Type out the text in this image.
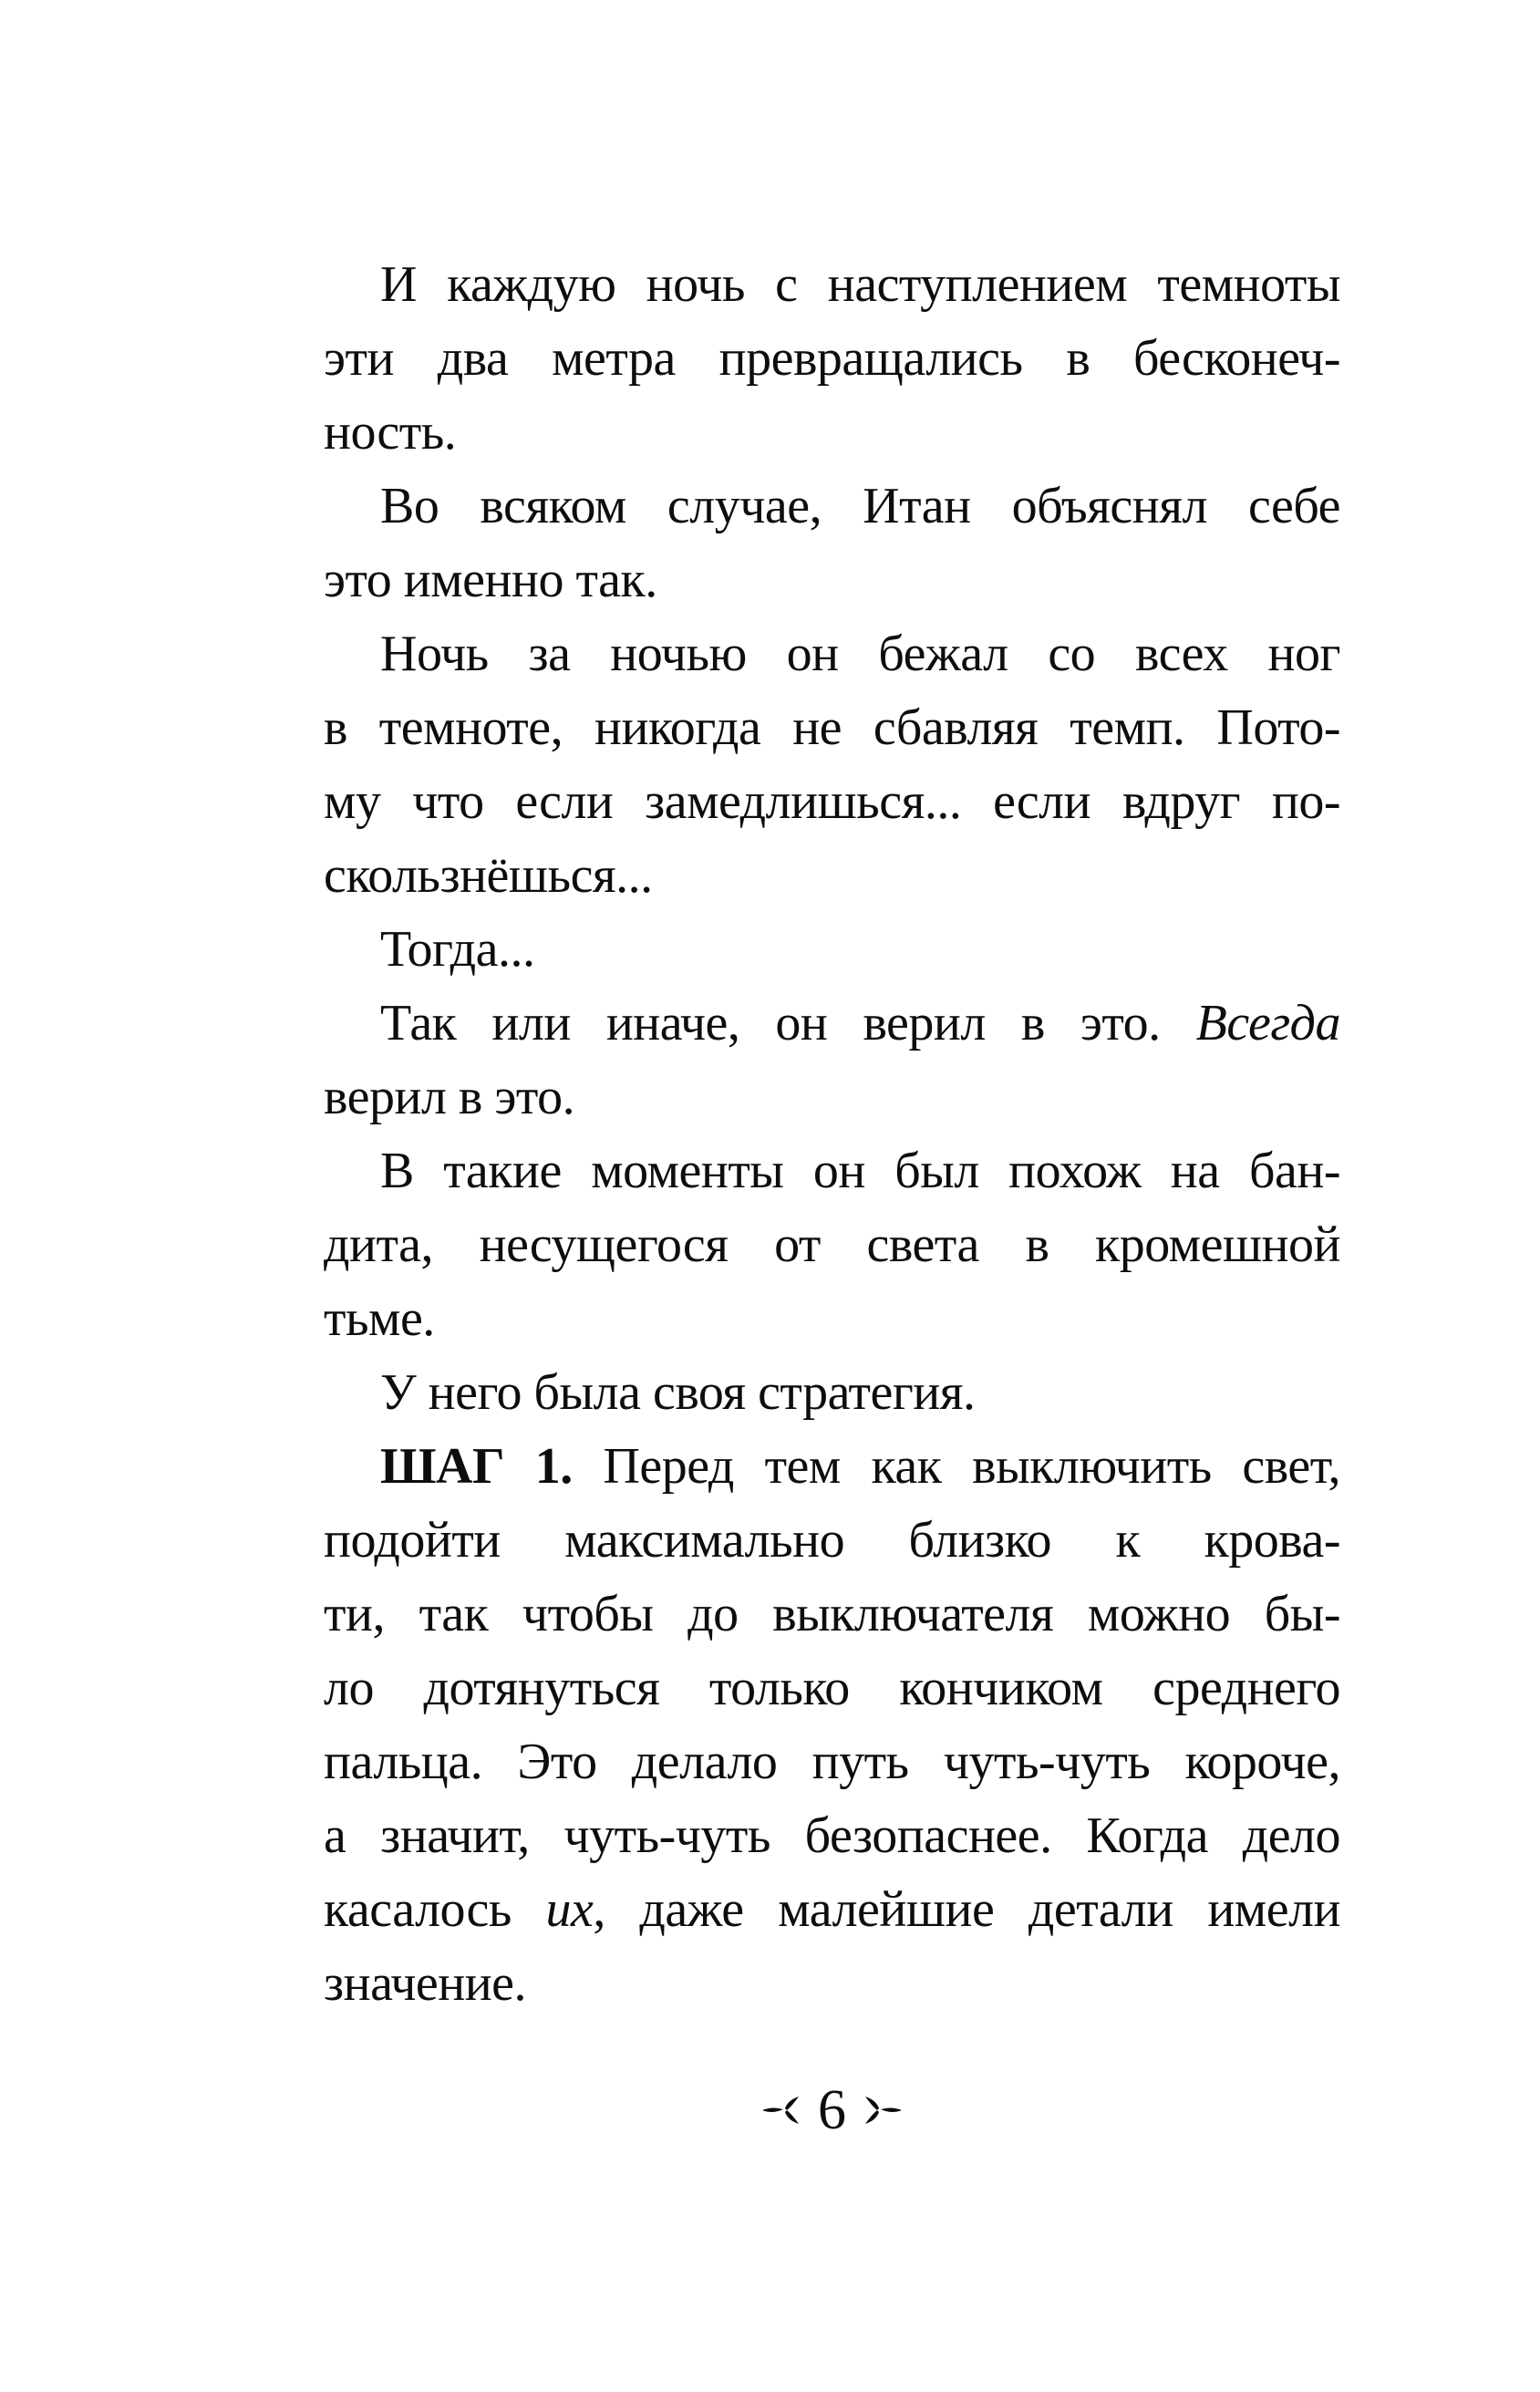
И каждую ночь с наступлением темноты

эти два метра превращались в бесконеч-

ность.

Во всяком случае, Итан объяснял себе

это именно так.

Ночь за ночью он бежал со всех ног

в темноте, никогда не сбавляя темп. Пото-

му что если замедлишься... если вдруг по-

скользнёшься...

Тогда...

Так или иначе, он верил в это. Всегда

верил в это.

В такие моменты он был похож на бан-

дита, несущегося от света в кромешной

тьме.

У него была своя стратегия.

ШАГ 1. Перед тем как выключить свет,

подойти максимально близко к крова-

ти, так чтобы до выключателя можно бы-

ло дотянуться только кончиком среднего

пальца. Это делало путь чуть-чуть короче,

а значит, чуть-чуть безопаснее. Когда дело

касалось их, даже малейшие детали имели

значение.

6
